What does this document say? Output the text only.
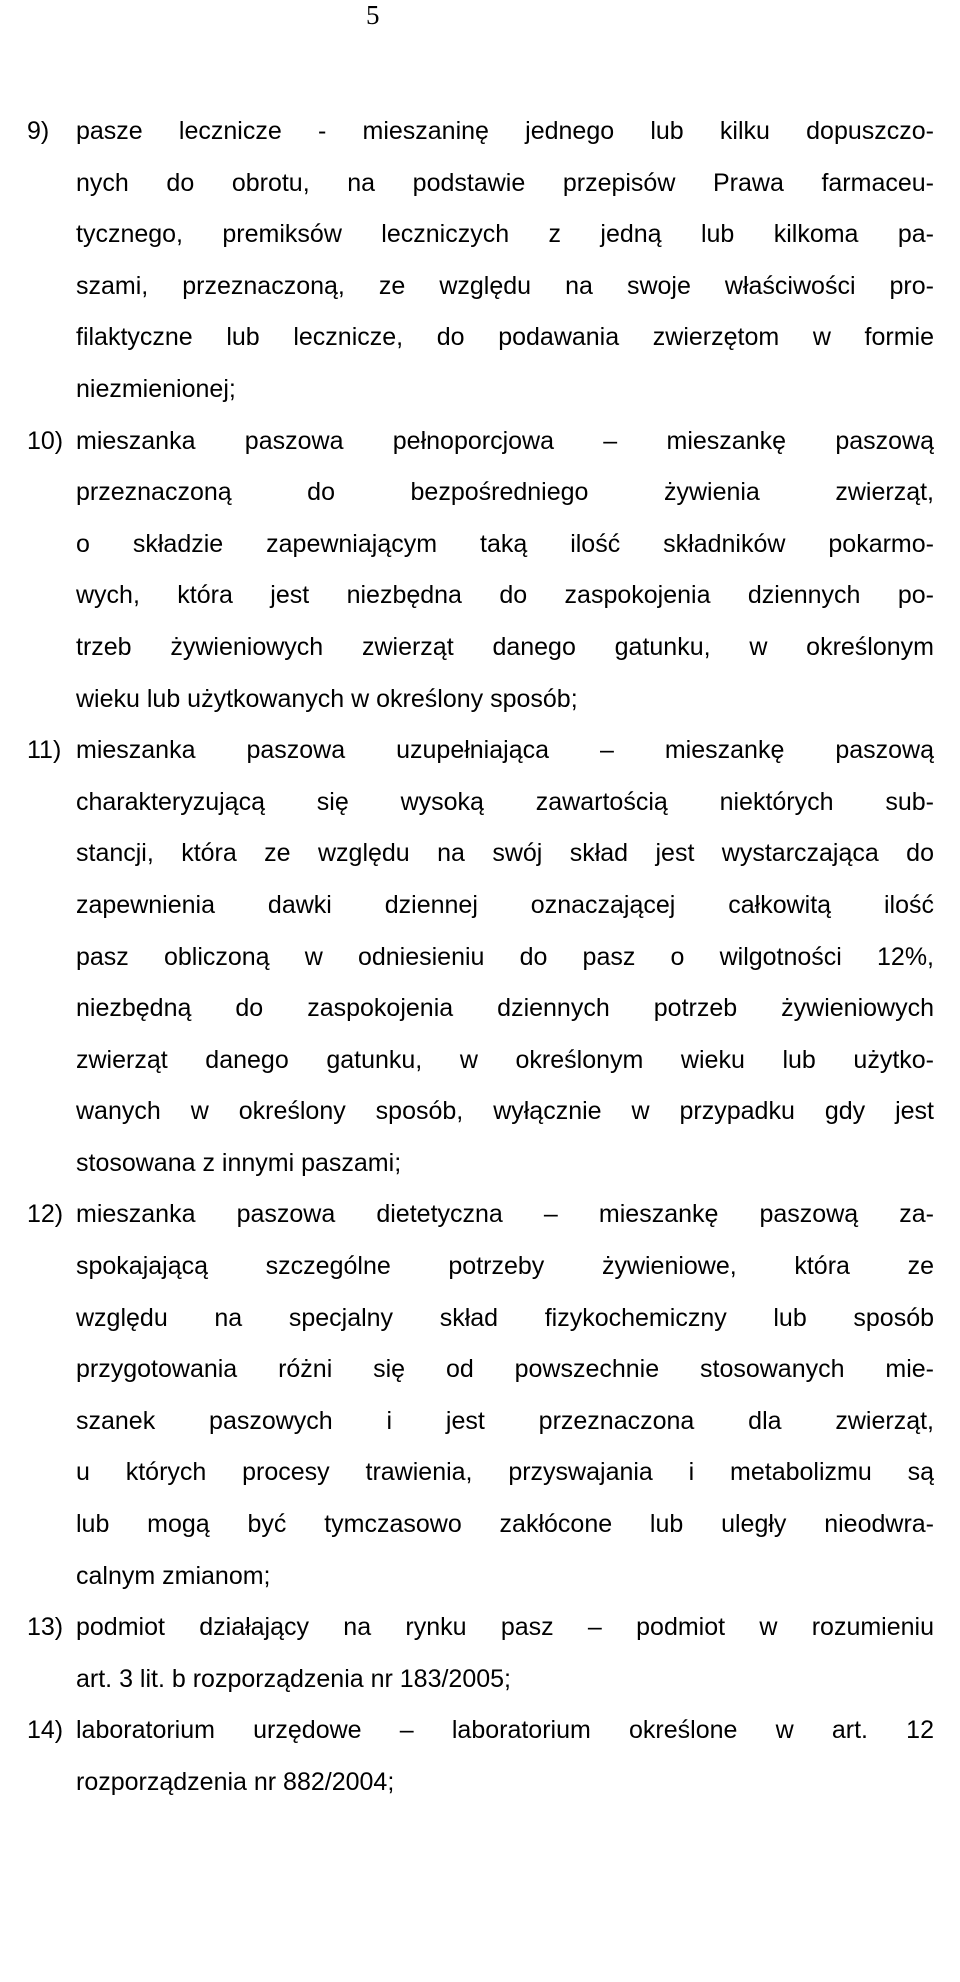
5
9) pasze lecznicze - mieszaninę jednego lub kilku dopuszczo-
nych do obrotu, na podstawie przepisów Prawa farmaceu-
tycznego, premiksów leczniczych z jedną lub kilkoma pa-
szami, przeznaczoną, ze względu na swoje właściwości pro-
filaktyczne lub lecznicze, do podawania zwierzętom w formie
niezmienionej;
10) mieszanka paszowa pełnoporcjowa – mieszankę paszową
przeznaczoną do bezpośredniego żywienia zwierząt,
o składzie zapewniającym taką ilość składników pokarmo-
wych, która jest niezbędna do zaspokojenia dziennych po-
trzeb żywieniowych zwierząt danego gatunku, w określonym
wieku lub użytkowanych w określony sposób;
11) mieszanka paszowa uzupełniająca – mieszankę paszową
charakteryzującą się wysoką zawartością niektórych sub-
stancji, która ze względu na swój skład jest wystarczająca do
zapewnienia dawki dziennej oznaczającej całkowitą ilość
pasz obliczoną w odniesieniu do pasz o wilgotności 12%,
niezbędną do zaspokojenia dziennych potrzeb żywieniowych
zwierząt danego gatunku, w określonym wieku lub użytko-
wanych w określony sposób, wyłącznie w przypadku gdy jest
stosowana z innymi paszami;
12) mieszanka paszowa dietetyczna – mieszankę paszową za-
spokajającą szczególne potrzeby żywieniowe, która ze
względu na specjalny skład fizykochemiczny lub sposób
przygotowania różni się od powszechnie stosowanych mie-
szanek paszowych i jest przeznaczona dla zwierząt,
u których procesy trawienia, przyswajania i metabolizmu są
lub mogą być tymczasowo zakłócone lub uległy nieodwra-
calnym zmianom;
13) podmiot działający na rynku pasz – podmiot w rozumieniu
art. 3 lit. b rozporządzenia nr 183/2005;
14) laboratorium urzędowe – laboratorium określone w art. 12
rozporządzenia nr 882/2004;
